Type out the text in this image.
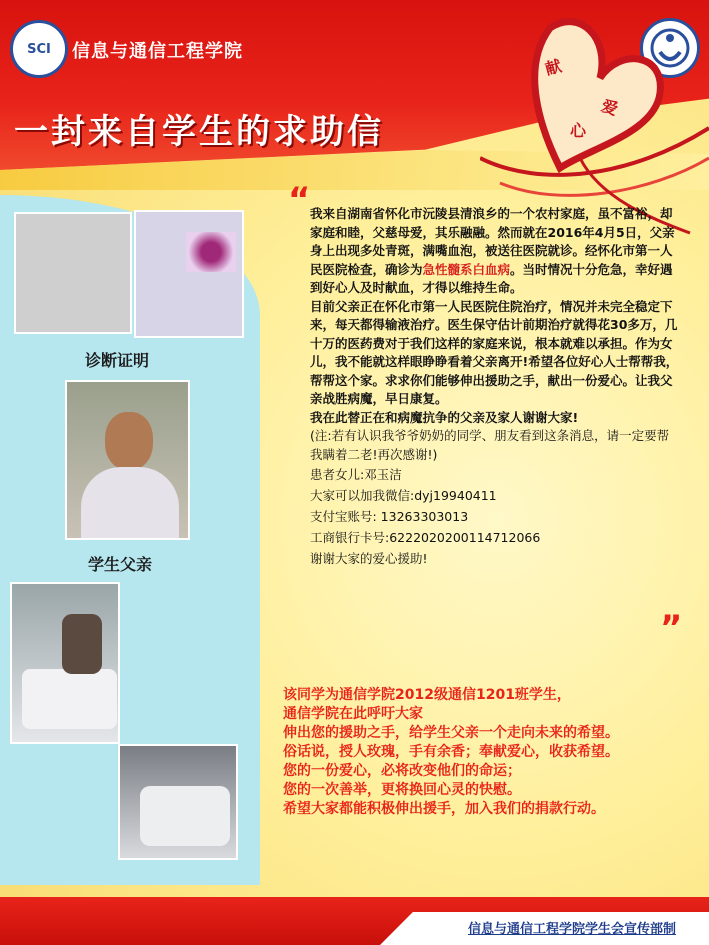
SCI 信息与通信工程学院
一封来自学生的求助信
献
爱
心
诊断证明
学生父亲
“ 我来自湖南省怀化市沅陵县清浪乡的一个农村家庭，虽不富裕，却家庭和睦，父慈母爱，其乐融融。然而就在2016年4月5日，父亲身上出现多处青斑，满嘴血泡，被送往医院就诊。经怀化市第一人民医院检查，确诊为急性髓系白血病。当时情况十分危急，幸好遇到好心人及时献血，才得以维持生命。

目前父亲正在怀化市第一人民医院住院治疗，情况并未完全稳定下来，每天都得输液治疗。医生保守估计前期治疗就得花30多万，几十万的医药费对于我们这样的家庭来说，根本就难以承担。作为女儿，我不能就这样眼睁睁看着父亲离开!希望各位好心人士帮帮我，帮帮这个家。求求你们能够伸出援助之手，献出一份爱心。让我父亲战胜病魔，早日康复。

我在此替正在和病魔抗争的父亲及家人谢谢大家!

(注:若有认识我爷爷奶奶的同学、朋友看到这条消息，请一定要帮我瞒着二老!再次感谢!)

患者女儿:邓玉洁

大家可以加我微信:dyj19940411

支付宝账号: 13263303013

工商银行卡号:6222020200114712066

谢谢大家的爱心援助!

”
该同学为通信学院2012级通信1201班学生，
通信学院在此呼吁大家
伸出您的援助之手，给学生父亲一个走向未来的希望。
俗话说，授人玫瑰，手有余香；奉献爱心，收获希望。
您的一份爱心，必将改变他们的命运；
您的一次善举，更将换回心灵的快慰。
希望大家都能积极伸出援手，加入我们的捐款行动。
信息与通信工程学院学生会宣传部制
